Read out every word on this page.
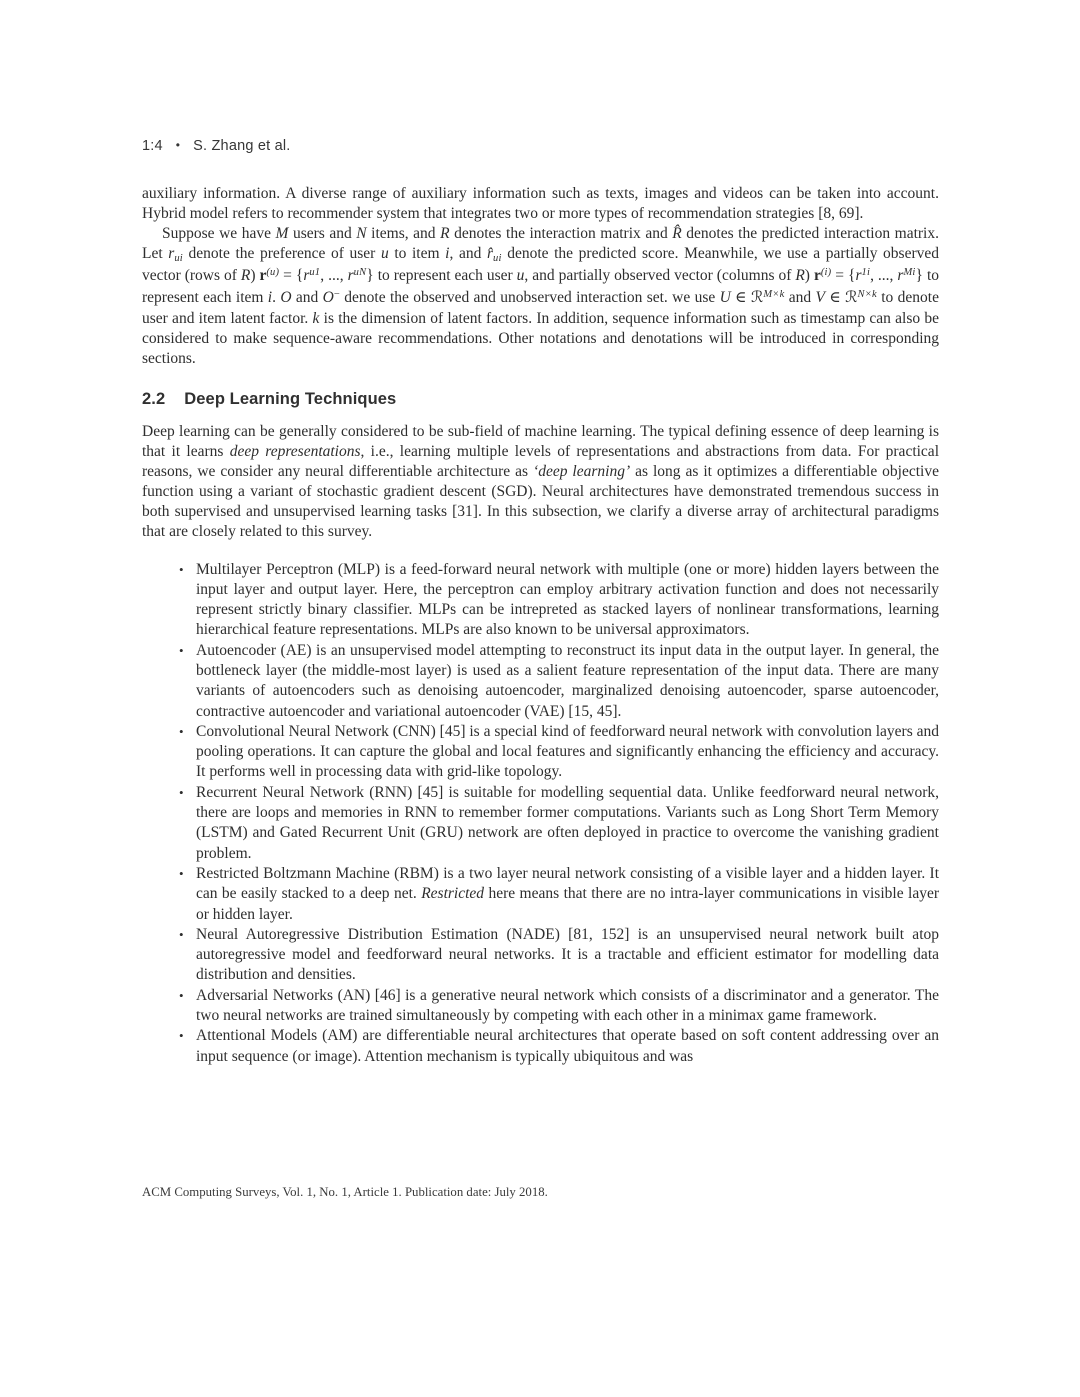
1:4 • S. Zhang et al.

auxiliary information. A diverse range of auxiliary information such as texts, images and videos can be taken into account. Hybrid model refers to recommender system that integrates two or more types of recommendation strategies [8, 69].

Suppose we have M users and N items, and R denotes the interaction matrix and R̂ denotes the predicted interaction matrix. Let rui denote the preference of user u to item i, and r̂ui denote the predicted score. Meanwhile, we use a partially observed vector (rows of R) $r^{(u)} = \{r^{u1}$, ..., $r^{uN}$} to represent each user u, and partially observed vector (columns of R) $r^{(i)} = \{r^{1i}$, ..., $r^{Mi}$} to represent each item i. O and O− denote the observed and unobserved interaction set. we use U ∈ ℛ$^{M\times k}$ and V ∈ ℛ$^{N\times k}$ to denote user and item latent factor. k is the dimension of latent factors. In addition, sequence information such as timestamp can also be considered to make sequence-aware recommendations. Other notations and denotations will be introduced in corresponding sections.

2.2 Deep Learning Techniques

Deep learning can be generally considered to be sub-field of machine learning. The typical defining essence of deep learning is that it learns deep representations, i.e., learning multiple levels of representations and abstractions from data. For practical reasons, we consider any neural differentiable architecture as ‘deep learning’ as long as it optimizes a differentiable objective function using a variant of stochastic gradient descent (SGD). Neural architectures have demonstrated tremendous success in both supervised and unsupervised learning tasks [31]. In this subsection, we clarify a diverse array of architectural paradigms that are closely related to this survey.

• Multilayer Perceptron (MLP) is a feed-forward neural network with multiple (one or more) hidden layers between the input layer and output layer. Here, the perceptron can employ arbitrary activation function and does not necessarily represent strictly binary classifier. MLPs can be intrepreted as stacked layers of nonlinear transformations, learning hierarchical feature representations. MLPs are also known to be universal approximators.
• Autoencoder (AE) is an unsupervised model attempting to reconstruct its input data in the output layer. In general, the bottleneck layer (the middle-most layer) is used as a salient feature representation of the input data. There are many variants of autoencoders such as denoising autoencoder, marginalized denoising autoencoder, sparse autoencoder, contractive autoencoder and variational autoencoder (VAE) [15, 45].
• Convolutional Neural Network (CNN) [45] is a special kind of feedforward neural network with convolution layers and pooling operations. It can capture the global and local features and significantly enhancing the efficiency and accuracy. It performs well in processing data with grid-like topology.
• Recurrent Neural Network (RNN) [45] is suitable for modelling sequential data. Unlike feedforward neural network, there are loops and memories in RNN to remember former computations. Variants such as Long Short Term Memory (LSTM) and Gated Recurrent Unit (GRU) network are often deployed in practice to overcome the vanishing gradient problem.
• Restricted Boltzmann Machine (RBM) is a two layer neural network consisting of a visible layer and a hidden layer. It can be easily stacked to a deep net. Restricted here means that there are no intra-layer communications in visible layer or hidden layer.
• Neural Autoregressive Distribution Estimation (NADE) [81, 152] is an unsupervised neural network built atop autoregressive model and feedforward neural networks. It is a tractable and efficient estimator for modelling data distribution and densities.
• Adversarial Networks (AN) [46] is a generative neural network which consists of a discriminator and a generator. The two neural networks are trained simultaneously by competing with each other in a minimax game framework.
• Attentional Models (AM) are differentiable neural architectures that operate based on soft content addressing over an input sequence (or image). Attention mechanism is typically ubiquitous and was
ACM Computing Surveys, Vol. 1, No. 1, Article 1. Publication date: July 2018.
